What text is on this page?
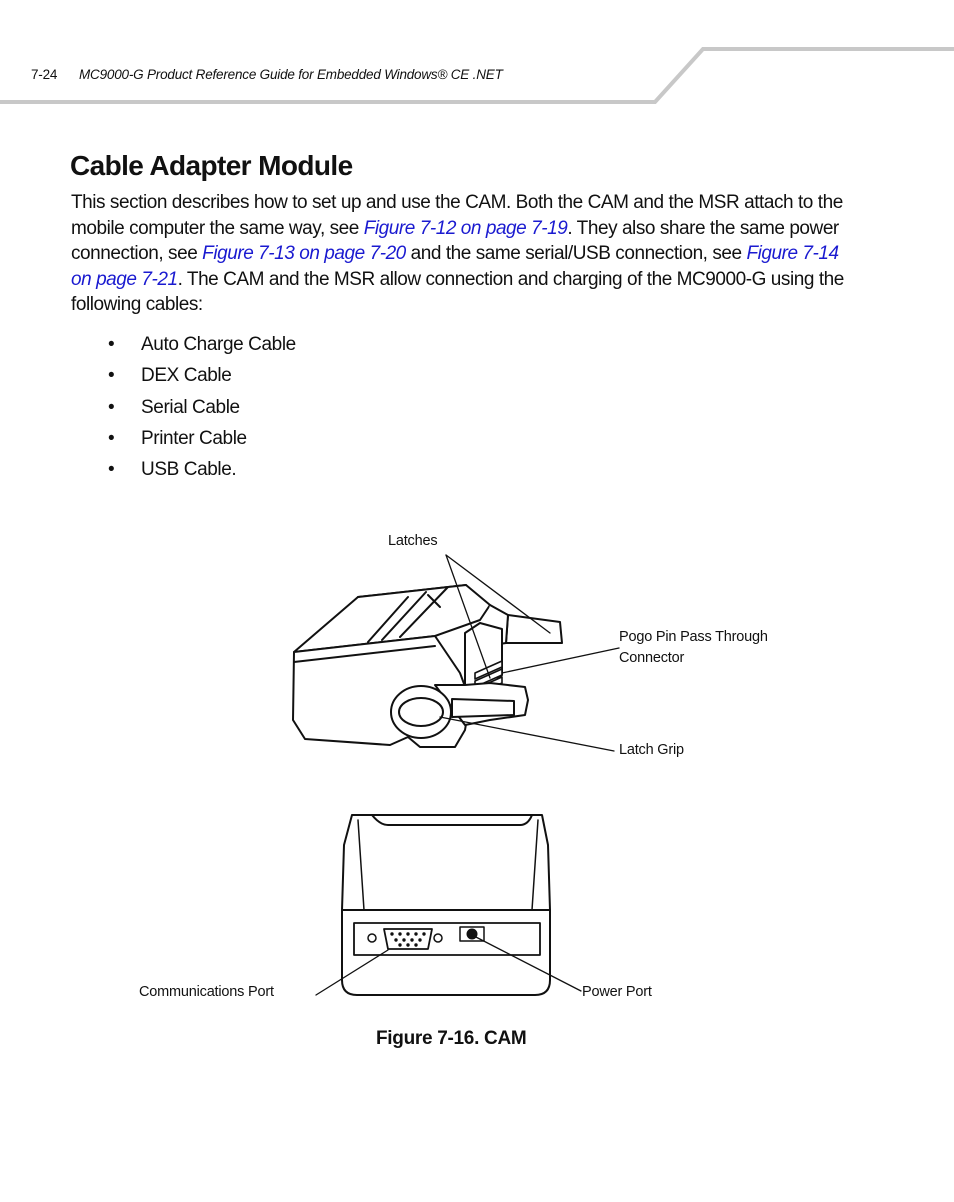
7-24 MC9000-G Product Reference Guide for Embedded Windows® CE .NET
Cable Adapter Module

This section describes how to set up and use the CAM. Both the CAM and the MSR attach to the mobile computer the same way, see Figure 7-12 on page 7-19. They also share the same power connection, see Figure 7-13 on page 7-20 and the same serial/USB connection, see Figure 7-14 on page 7-21. The CAM and the MSR allow connection and charging of the MC9000-G using the following cables:

• Auto Charge Cable
• DEX Cable
• Serial Cable
• Printer Cable
• USB Cable.
Latches
Pogo Pin Pass Through
Connector
Latch Grip
Communications Port	Power Port
Figure 7-16. CAM
